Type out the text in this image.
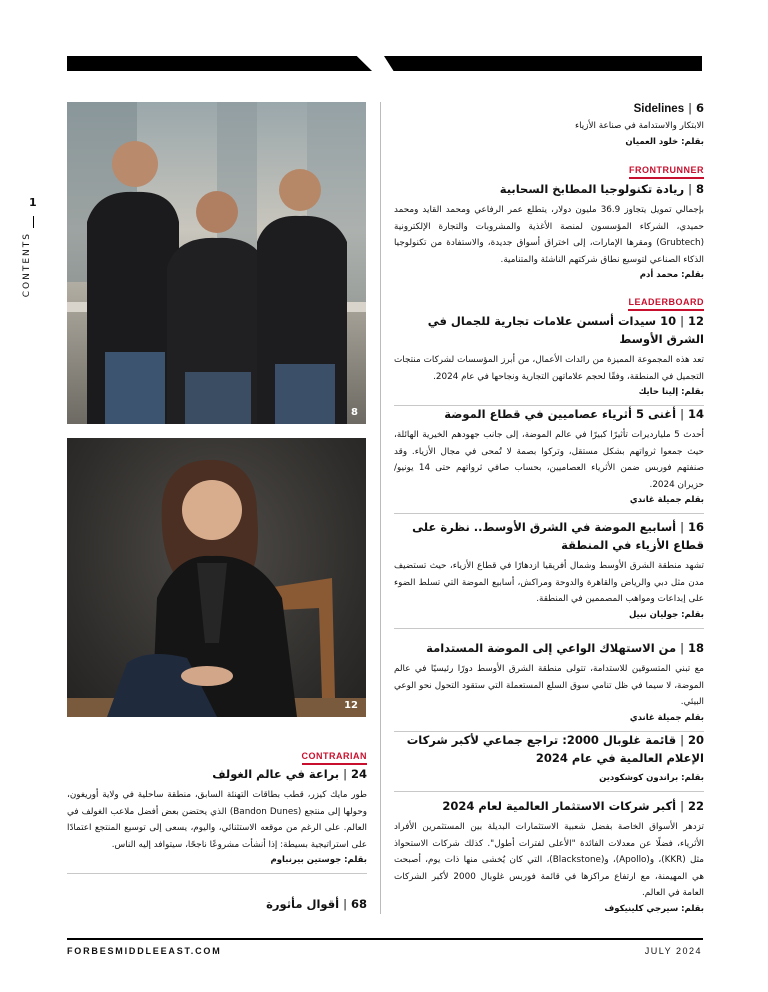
1
CONTENTS
8
12
6|Sidelines
الابتكار والاستدامة في صناعة الأزياء
بقلم: خلود العميان
FRONTRUNNER
8|ريادة تكنولوجيا المطابخ السحابية
بإجمالي تمويل يتجاوز 36.9 مليون دولار، يتطلع عمر الرفاعي ومحمد القايد ومحمد حميدي، الشركاء المؤسسون لمنصة الأغذية والمشروبات والتجارة الإلكترونية (Grubtech) ومقرها الإمارات، إلى اختراق أسواق جديدة، والاستفادة من تكنولوجيا الذكاء الصناعي لتوسيع نطاق شركتهم الناشئة والمتنامية.
بقلم: محمد أدم
LEADERBOARD
12|10 سيدات أسسن علامات تجارية للجمال في الشرق الأوسط
تعد هذه المجموعة المميزة من رائدات الأعمال، من أبرز المؤسسات لشركات منتجات التجميل في المنطقة، وفقًا لحجم علاماتهن التجارية ونجاحها في عام 2024.
بقلم: إلينا حايك
14|أغنى 5 أثرياء عصاميين في قطاع الموضة
أحدث 5 مليارديرات تأثيرًا كبيرًا في عالم الموضة، إلى جانب جهودهم الخيرية الهائلة، حيث جمعوا ثرواتهم بشكل مستقل، وتركوا بصمة لا تُمحى في مجال الأزياء. وقد صنفتهم فوربس ضمن الأثرياء العصاميين، بحساب صافي ثرواتهم حتى 14 يونيو/ حزيران 2024.
بقلم جميلة غاندي
16|أسابيع الموضة في الشرق الأوسط.. نظرة على قطاع الأزياء في المنطقة
تشهد منطقة الشرق الأوسط وشمال أفريقيا ازدهارًا في قطاع الأزياء، حيث تستضيف مدن مثل دبي والرياض والقاهرة والدوحة ومراكش، أسابيع الموضة التي تسلط الضوء على إبداعات ومواهب المصممين في المنطقة.
بقلم: جوليان نبيل
18|من الاستهلاك الواعي إلى الموضة المستدامة
مع تبني المتسوقين للاستدامة، تتولى منطقة الشرق الأوسط دورًا رئيسيًا في عالم الموضة، لا سيما في ظل تنامي سوق السلع المستعملة التي ستقود التحول نحو الوعي البيئي.
بقلم جميلة غاندي
20|قائمة غلوبال 2000: تراجع جماعي لأكبر شركات الإعلام العالمية في عام 2024
بقلم: براندون كوشكودين
22|أكبر شركات الاستثمار العالمية لعام 2024
تزدهر الأسواق الخاصة بفضل شعبية الاستثمارات البديلة بين المستثمرين الأفراد الأثرياء، فضلًا عن معدلات الفائدة "الأعلى لفترات أطول". كذلك شركات الاستحواذ مثل (KKR)، و(Apollo)، و(Blackstone)، التي كان يُخشى منها ذات يوم، أصبحت هي المهيمنة، مع ارتفاع مراكزها في قائمة فوربس غلوبال 2000 لأكبر الشركات العامة في العالم.
بقلم: سيرجي كلينيكوف
CONTRARIAN
24|براعة في عالم الغولف
طور مايك كيزر، قطب بطاقات التهنئة السابق، منطقة ساحلية في ولاية أوريغون، وحولها إلى منتجع (Bandon Dunes) الذي يحتضن بعض أفضل ملاعب الغولف في العالم. على الرغم من موقعه الاستثنائي، واليوم، يسعى إلى توسيع المنتجع اعتمادًا على استراتيجية بسيطة: إذا أنشأت مشروعًا ناجحًا، سيتوافد إليه الناس.
بقلم: جوستين بيرنباوم
68|أقوال مأثورة
FORBESMIDDLEEAST.COM	JULY 2024
